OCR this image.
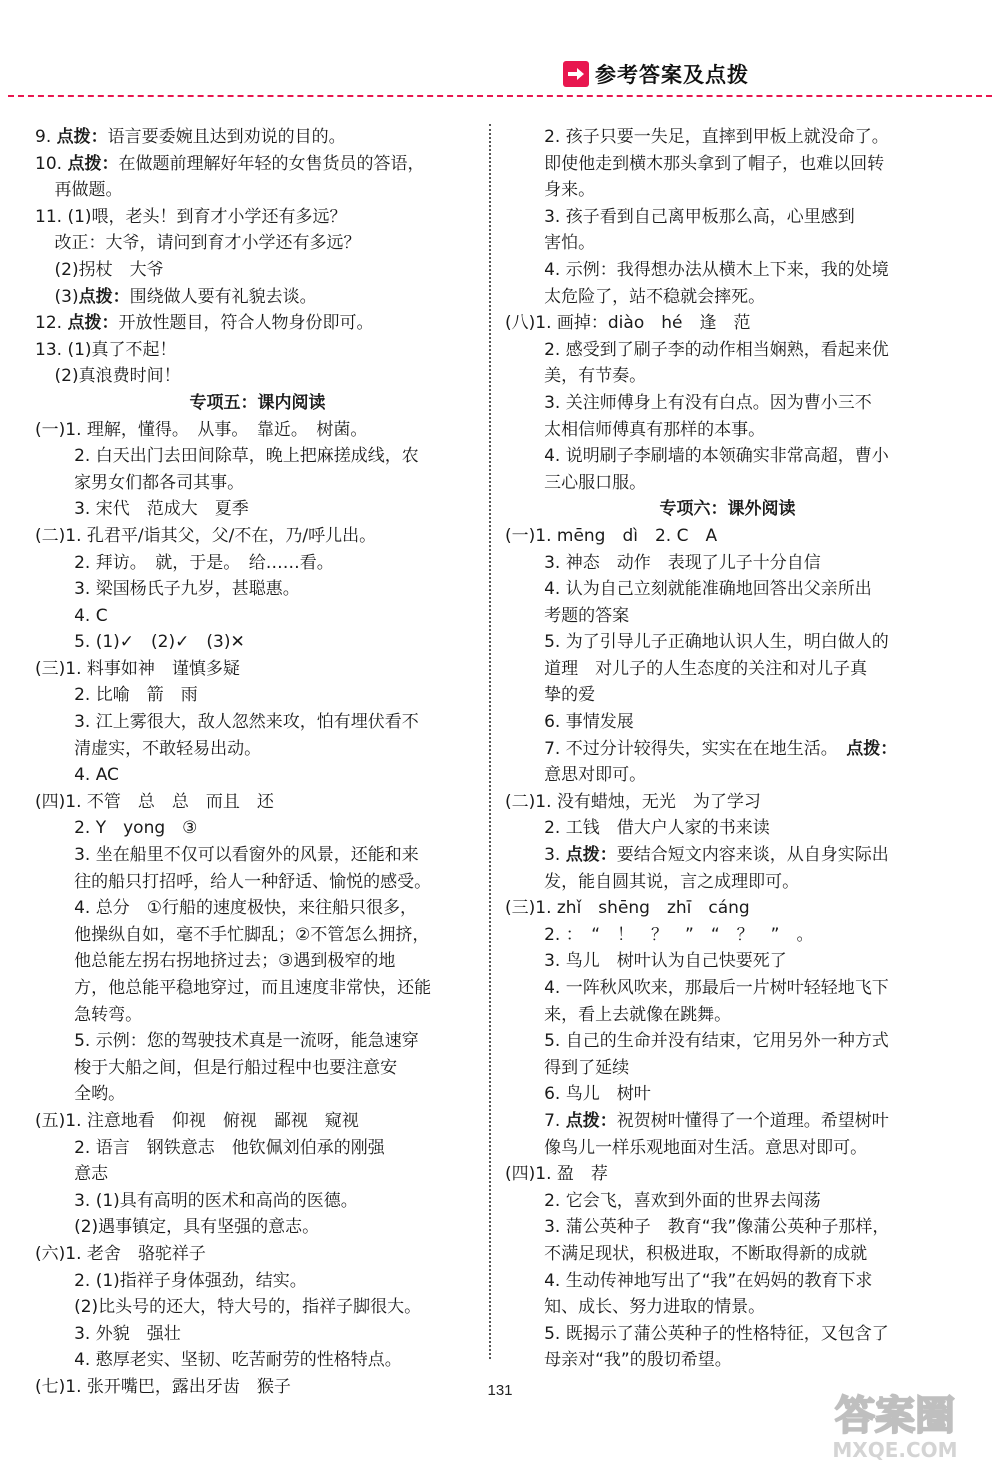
参考答案及点拨

9. 点拨：语言要委婉且达到劝说的目的。

10. 点拨：在做题前理解好年轻的女售货员的答语，

再做题。

11. (1)喂，老头！到育才小学还有多远？

改正：大爷，请问到育才小学还有多远？

(2)拐杖　大爷

(3)点拨：围绕做人要有礼貌去谈。

12. 点拨：开放性题目，符合人物身份即可。

13. (1)真了不起！

(2)真浪费时间！

专项五：课内阅读

(一)1. 理解，懂得。　从事。　靠近。　树菌。

2. 白天出门去田间除草，晚上把麻搓成线，农

家男女们都各司其事。

3. 宋代　范成大　夏季

(二)1. 孔君平/诣其父，父/不在，乃/呼儿出。

2. 拜访。　就，于是。　给……看。

3. 梁国杨氏子九岁，甚聪惠。

4. C

5. (1)✓　(2)✓　(3)✕

(三)1. 料事如神　谨慎多疑

2. 比喻　箭　雨

3. 江上雾很大，敌人忽然来攻，怕有埋伏看不

清虚实，不敢轻易出动。

4. AC

(四)1. 不管　总　总　而且　还

2. Y　yong　③

3. 坐在船里不仅可以看窗外的风景，还能和来

往的船只打招呼，给人一种舒适、愉悦的感受。

4. 总分　①行船的速度极快，来往船只很多，

他操纵自如，毫不手忙脚乱；②不管怎么拥挤，

他总能左拐右拐地挤过去；③遇到极窄的地

方，他总能平稳地穿过，而且速度非常快，还能

急转弯。

5. 示例：您的驾驶技术真是一流呀，能急速穿

梭于大船之间，但是行船过程中也要注意安

全哟。

(五)1. 注意地看　仰视　俯视　鄙视　窥视

2. 语言　钢铁意志　他钦佩刘伯承的刚强

意志

3. (1)具有高明的医术和高尚的医德。

(2)遇事镇定，具有坚强的意志。

(六)1. 老舍　骆驼祥子

2. (1)指祥子身体强劲，结实。

(2)比头号的还大，特大号的，指祥子脚很大。

3. 外貌　强壮

4. 憨厚老实、坚韧、吃苦耐劳的性格特点。

(七)1. 张开嘴巴，露出牙齿　猴子

2. 孩子只要一失足，直摔到甲板上就没命了。

即使他走到横木那头拿到了帽子，也难以回转

身来。

3. 孩子看到自己离甲板那么高，心里感到

害怕。

4. 示例：我得想办法从横木上下来，我的处境

太危险了，站不稳就会摔死。

(八)1. 画掉：diào　hé　逢　范

2. 感受到了刷子李的动作相当娴熟，看起来优

美，有节奏。

3. 关注师傅身上有没有白点。因为曹小三不

太相信师傅真有那样的本事。

4. 说明刷子李刷墙的本领确实非常高超，曹小

三心服口服。

专项六：课外阅读

(一)1. mēng　dì　2. C　A

3. 神态　动作　表现了儿子十分自信

4. 认为自己立刻就能准确地回答出父亲所出

考题的答案

5. 为了引导儿子正确地认识人生，明白做人的

道理　对儿子的人生态度的关注和对儿子真

挚的爱

6. 事情发展

7. 不过分计较得失，实实在在地生活。　点拨：

意思对即可。

(二)1. 没有蜡烛，无光　为了学习

2. 工钱　借大户人家的书来读

3. 点拨：要结合短文内容来谈，从自身实际出

发，能自圆其说，言之成理即可。

(三)1. zhǐ　shēng　zhī　cáng

2. ：　“　！　？　”　“　？　”　。

3. 鸟儿　树叶认为自己快要死了

4. 一阵秋风吹来，那最后一片树叶轻轻地飞下

来，看上去就像在跳舞。

5. 自己的生命并没有结束，它用另外一种方式

得到了延续

6. 鸟儿　树叶

7. 点拨：祝贺树叶懂得了一个道理。希望树叶

像鸟儿一样乐观地面对生活。意思对即可。

(四)1. 盈　荐

2. 它会飞，喜欢到外面的世界去闯荡

3. 蒲公英种子　教育“我”像蒲公英种子那样，

不满足现状，积极进取，不断取得新的成就

4. 生动传神地写出了“我”在妈妈的教育下求

知、成长、努力进取的情景。

5. 既揭示了蒲公英种子的性格特征，又包含了

母亲对“我”的殷切希望。

131
答案圈
MXQE.COM
